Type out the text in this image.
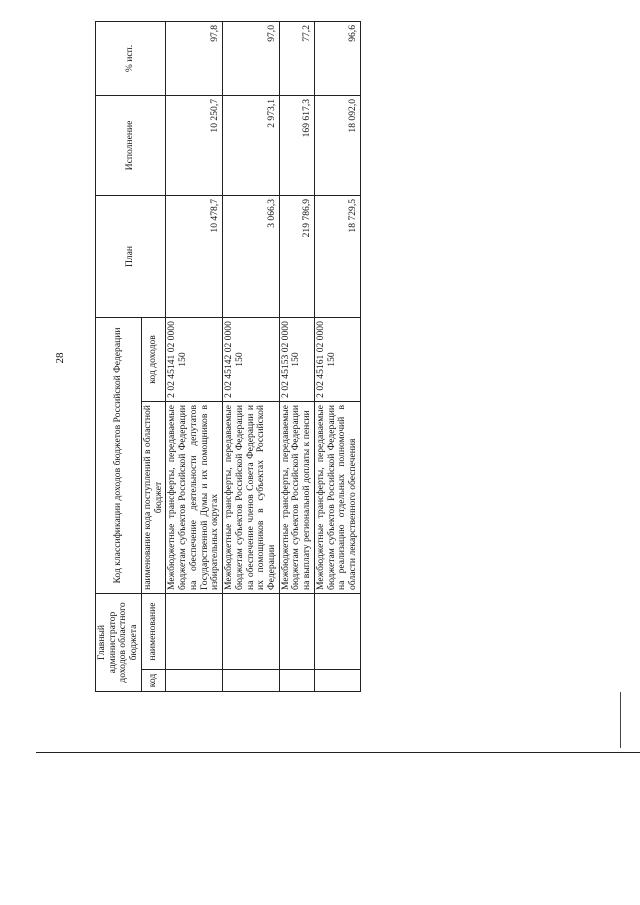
28
Главный администратор доходов областного бюджета		Код классификации доходов бюджетов Российской Федерации		План	Исполнение	% исп.
код	наименование	наименование кода поступлений в областной бюджет	код доходов			
		Межбюджетные трансферты, передаваемые бюджетам субъектов Российской Федерации на обеспечение деятельности депутатов Государственной Думы и их помощников в избирательных округах	2 02 45141 02 0000 150	10 478,7	10 250,7	97,8
		Межбюджетные трансферты, передаваемые бюджетам субъектов Российской Федерации на обеспечение членов Совета Федерации и их помощников в субъектах Российской Федерации	2 02 45142 02 0000 150	3 066,3	2 973,1	97,0
		Межбюджетные трансферты, передаваемые бюджетам субъектов Российской Федерации на выплату региональной доплаты к пенсии	2 02 45153 02 0000 150	219 786,9	169 617,3	77,2
		Межбюджетные трансферты, передаваемые бюджетам субъектов Российской Федерации на реализацию отдельных полномочий в области лекарственного обеспечения	2 02 45161 02 0000 150	18 729,5	18 092,0	96,6
